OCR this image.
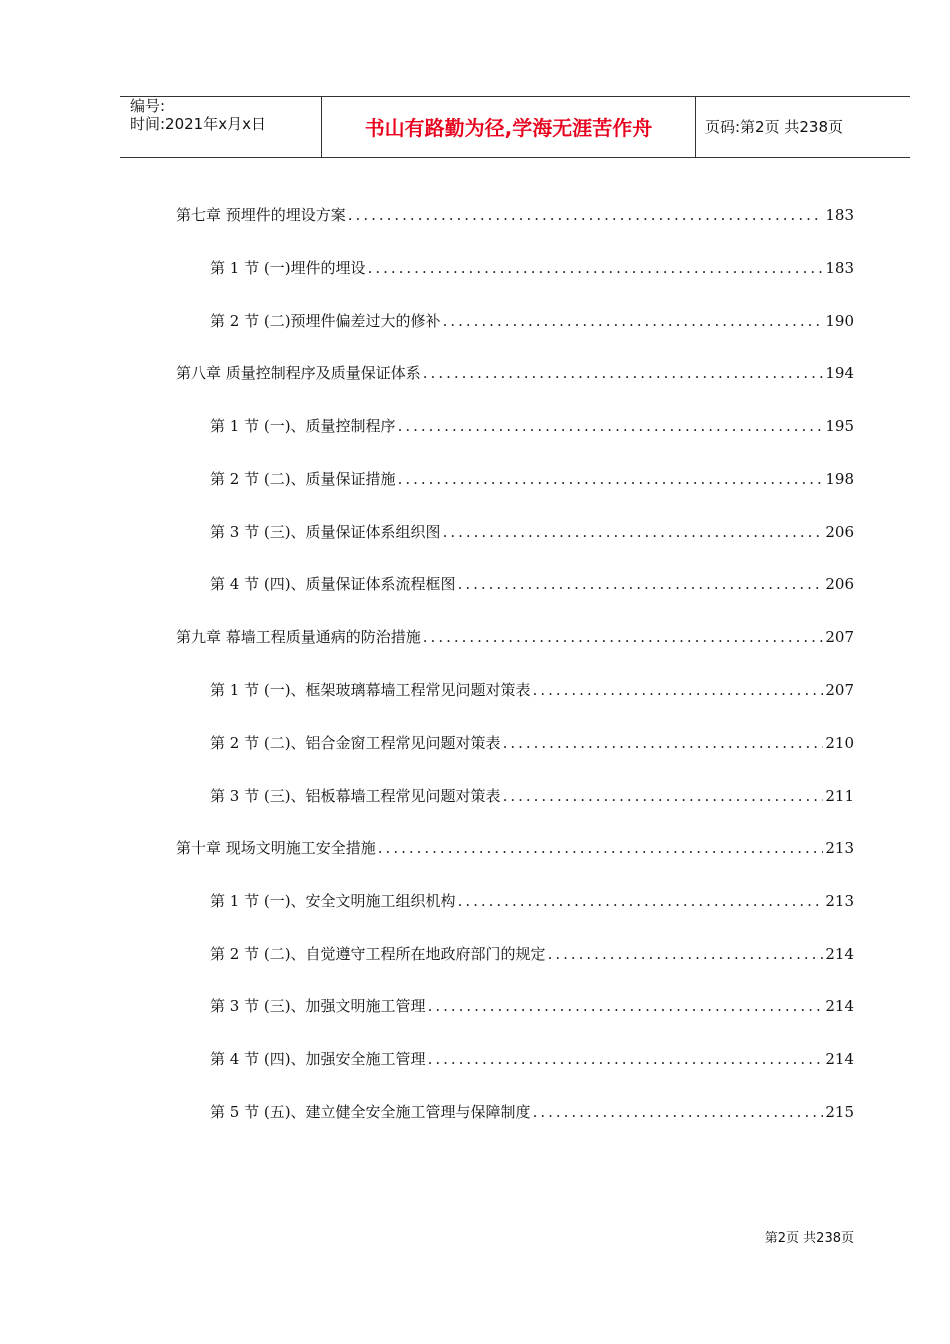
编号:
时间:2021年x月x日	书山有路勤为径,学海无涯苦作舟	页码:第2页 共238页
第七章 预埋件的埋设方案 .....	183
第 1 节 (一)埋件的埋设 .....	183
第 2 节 (二)预埋件偏差过大的修补 .....	190
第八章 质量控制程序及质量保证体系 .....	194
第 1 节 (一)、质量控制程序 .....	195
第 2 节 (二)、质量保证措施 .....	198
第 3 节 (三)、质量保证体系组织图 .....	206
第 4 节 (四)、质量保证体系流程框图 .....	206
第九章 幕墙工程质量通病的防治措施 .....	207
第 1 节 (一)、框架玻璃幕墙工程常见问题对策表 .....	207
第 2 节 (二)、铝合金窗工程常见问题对策表 .....	210
第 3 节 (三)、铝板幕墙工程常见问题对策表 .....	211
第十章 现场文明施工安全措施 .....	213
第 1 节 (一)、安全文明施工组织机构 .....	213
第 2 节 (二)、自觉遵守工程所在地政府部门的规定 .....	214
第 3 节 (三)、加强文明施工管理 .....	214
第 4 节 (四)、加强安全施工管理 .....	214
第 5 节 (五)、建立健全安全施工管理与保障制度 .....	215
第2页 共238页
